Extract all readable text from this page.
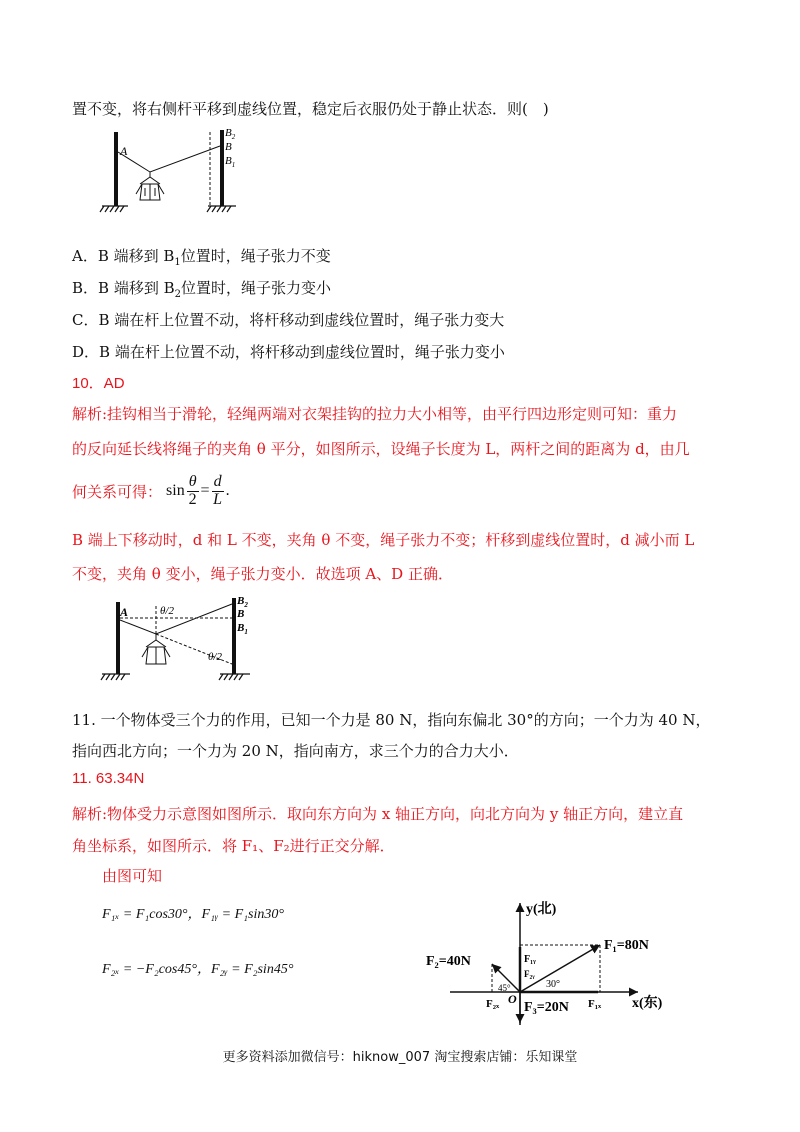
置不变，将右侧杆平移到虚线位置，稳定后衣服仍处于静止状态．则(　)
A
$B_2$
B
$B_1$
A．B 端移到 $B_1$位置时，绳子张力不变
B．B 端移到 $B_2$位置时，绳子张力变小
C．B 端在杆上位置不动，将杆移动到虚线位置时，绳子张力变大
D．B 端在杆上位置不动，将杆移动到虚线位置时，绳子张力变小
10．AD
解析:挂钩相当于滑轮，轻绳两端对衣架挂钩的拉力大小相等，由平行四边形定则可知：重力
的反向延长线将绳子的夹角 θ 平分，如图所示，设绳子长度为 L，两杆之间的距离为 d，由几
何关系可得： $\sin \frac{\theta}{2} = \frac{d}{L}$ .
B 端上下移动时，d 和 L 不变，夹角 θ 不变，绳子张力不变；杆移到虚线位置时，d 减小而 L
不变，夹角 θ 变小，绳子张力变小．故选项 A、D 正确．
A	θ/2
θ/2
$B_2$
B
$B_1$
11. 一个物体受三个力的作用，已知一个力是 80 N，指向东偏北 30°的方向；一个力为 40 N，
指向西北方向；一个力为 20 N，指向南方，求三个力的合力大小．
11. 63.34N
解析:物体受力示意图如图所示．取向东方向为 x 轴正方向，向北方向为 y 轴正方向，建立直
角坐标系，如图所示．将 F₁、F₂进行正交分解．
由图可知
F₁ₓ = F₁cos30°，F₁ᵧ = F₁sin30°
F₂ₓ = −F₂cos45°，F₂ᵧ = F₂sin45°
y(北)
x(东)
F₁=80N
F₂=40N
F₃=20N
F₁ᵧ
F₂ᵧ
F₁ₓ
F₂ₓ O
30°
45°
更多资料添加微信号：hiknow_007 淘宝搜索店铺：乐知课堂
